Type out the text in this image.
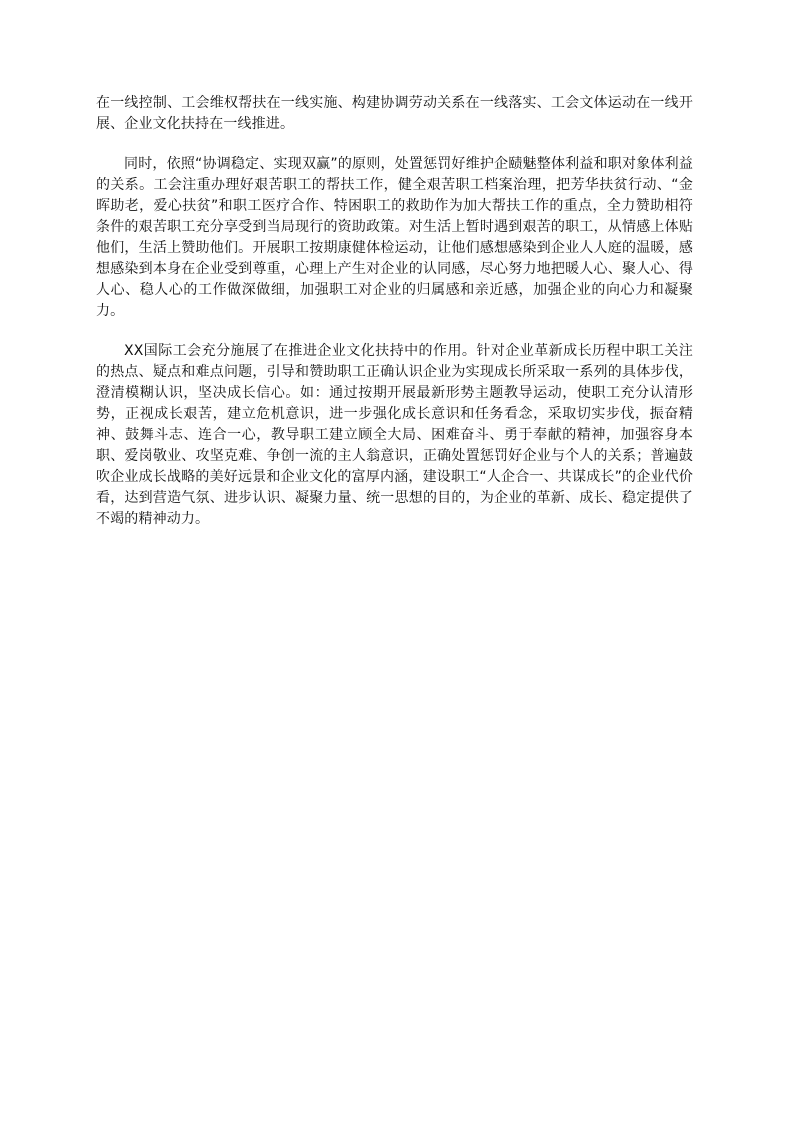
在一线控制、工会维权帮扶在一线实施、构建协调劳动关系在一线落实、工会文体运动在一线开展、企业文化扶持在一线推进。

同时，依照“协调稳定、实现双赢”的原则，处置惩罚好维护企赜魅整体利益和职对象体利益的关系。工会注重办理好艰苦职工的帮扶工作，健全艰苦职工档案治理，把芳华扶贫行动、“金晖助老，爱心扶贫”和职工医疗合作、特困职工的救助作为加大帮扶工作的重点，全力赞助相符条件的艰苦职工充分享受到当局现行的资助政策。对生活上暂时遇到艰苦的职工，从情感上体贴他们，生活上赞助他们。开展职工按期康健体检运动，让他们感想感染到企业人人庭的温暖，感想感染到本身在企业受到尊重，心理上产生对企业的认同感，尽心努力地把暖人心、聚人心、得人心、稳人心的工作做深做细，加强职工对企业的归属感和亲近感，加强企业的向心力和凝聚力。

XX国际工会充分施展了在推进企业文化扶持中的作用。针对企业革新成长历程中职工关注的热点、疑点和难点问题，引导和赞助职工正确认识企业为实现成长所采取一系列的具体步伐，澄清模糊认识，坚决成长信心。如：通过按期开展最新形势主题教导运动，使职工充分认清形势，正视成长艰苦，建立危机意识，进一步强化成长意识和任务看念，采取切实步伐，振奋精神、鼓舞斗志、连合一心，教导职工建立顾全大局、困难奋斗、勇于奉献的精神，加强容身本职、爱岗敬业、攻坚克难、争创一流的主人翁意识，正确处置惩罚好企业与个人的关系；普遍鼓吹企业成长战略的美好远景和企业文化的富厚内涵，建设职工“人企合一、共谋成长”的企业代价看，达到营造气氛、进步认识、凝聚力量、统一思想的目的，为企业的革新、成长、稳定提供了不竭的精神动力。
